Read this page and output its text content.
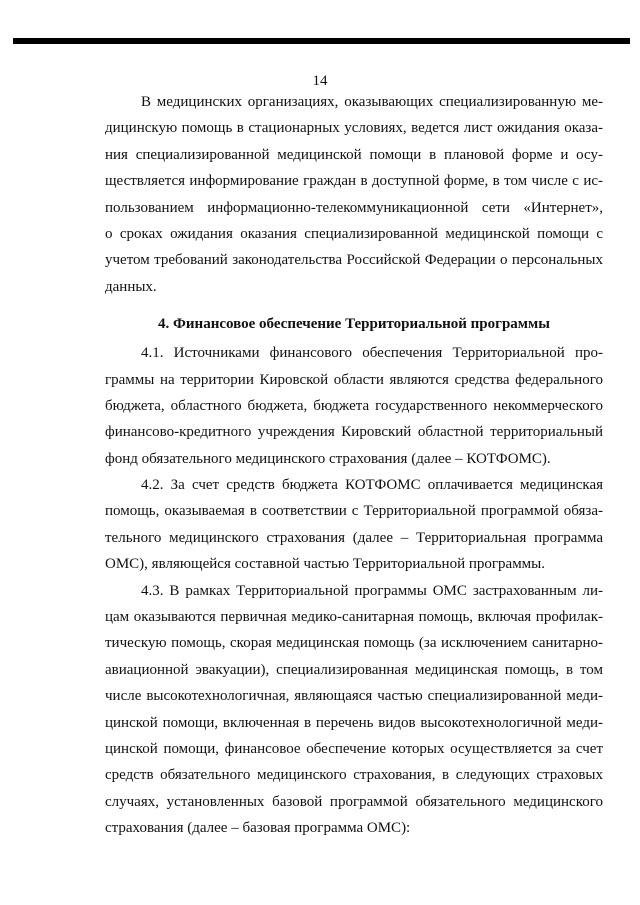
14
В медицинских организациях, оказывающих специализированную ме-
дицинскую помощь в стационарных условиях, ведется лист ожидания оказа-
ния специализированной медицинской помощи в плановой форме и осу-
ществляется информирование граждан в доступной форме, в том числе с ис-
пользованием информационно-телекоммуникационной сети «Интернет»,
о сроках ожидания оказания специализированной медицинской помощи с
учетом требований законодательства Российской Федерации о персональных
данных.
4. Финансовое обеспечение Территориальной программы
4.1. Источниками финансового обеспечения Территориальной про-
граммы на территории Кировской области являются средства федерального
бюджета, областного бюджета, бюджета государственного некоммерческого
финансово-кредитного учреждения Кировский областной территориальный
фонд обязательного медицинского страхования (далее – КОТФОМС).
4.2. За счет средств бюджета КОТФОМС оплачивается медицинская
помощь, оказываемая в соответствии с Территориальной программой обяза-
тельного медицинского страхования (далее – Территориальная программа
ОМС), являющейся составной частью Территориальной программы.
4.3. В рамках Территориальной программы ОМС застрахованным ли-
цам оказываются первичная медико-санитарная помощь, включая профилак-
тическую помощь, скорая медицинская помощь (за исключением санитарно-
авиационной эвакуации), специализированная медицинская помощь, в том
числе высокотехнологичная, являющаяся частью специализированной меди-
цинской помощи, включенная в перечень видов высокотехнологичной меди-
цинской помощи, финансовое обеспечение которых осуществляется за счет
средств обязательного медицинского страхования, в следующих страховых
случаях, установленных базовой программой обязательного медицинского
страхования (далее – базовая программа ОМС):
